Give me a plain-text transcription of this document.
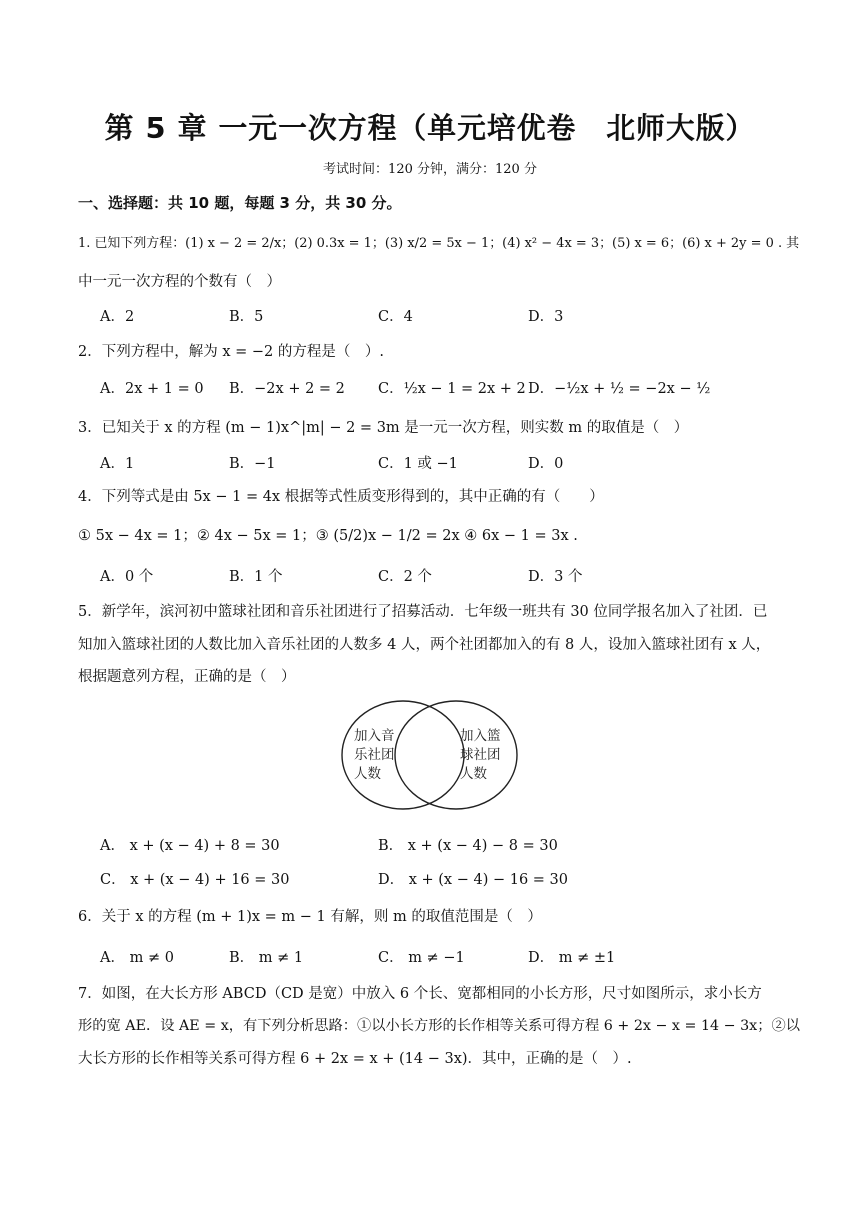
第 5 章 一元一次方程（单元培优卷　北师大版）
考试时间：120 分钟，满分：120 分
一、选择题：共 10 题，每题 3 分，共 30 分。
1. 已知下列方程：(1) x − 2 = 2/x；(2) 0.3x = 1；(3) x/2 = 5x − 1；(4) x² − 4x = 3；(5) x = 6；(6) x + 2y = 0 . 其
中一元一次方程的个数有（　）
A．2	B．5	C．4	D．3
2．下列方程中，解为 x = −2 的方程是（　）.
A．2x + 1 = 0 B．−2x + 2 = 2 C．½x − 1 = 2x + 2 D．−½x + ½ = −2x − ½
3．已知关于 x 的方程 (m − 1)x^|m| − 2 = 3m 是一元一次方程，则实数 m 的取值是（　）
A．1	B．−1	C．1 或 −1	D．0
4．下列等式是由 5x − 1 = 4x 根据等式性质变形得到的，其中正确的有（　　）
① 5x − 4x = 1；② 4x − 5x = 1；③ (5/2)x − 1/2 = 2x ④ 6x − 1 = 3x .
A．0 个	B．1 个	C．2 个	D．3 个
5．新学年，滨河初中篮球社团和音乐社团进行了招募活动．七年级一班共有 30 位同学报名加入了社团．已
知加入篮球社团的人数比加入音乐社团的人数多 4 人，两个社团都加入的有 8 人，设加入篮球社团有 x 人，
根据题意列方程，正确的是（　）
加入音
乐社团
人数
加入篮
球社团
人数
A． x + (x − 4) + 8 = 30	B． x + (x − 4) − 8 = 30
C． x + (x − 4) + 16 = 30	D． x + (x − 4) − 16 = 30
6．关于 x 的方程 (m + 1)x = m − 1 有解，则 m 的取值范围是（　）
A． m ≠ 0	B． m ≠ 1	C． m ≠ −1	D． m ≠ ±1
7．如图，在大长方形 ABCD（CD 是宽）中放入 6 个长、宽都相同的小长方形，尺寸如图所示，求小长方
形的宽 AE．设 AE = x，有下列分析思路：①以小长方形的长作相等关系可得方程 6 + 2x − x = 14 − 3x；②以
大长方形的长作相等关系可得方程 6 + 2x = x + (14 − 3x)．其中，正确的是（　）.
